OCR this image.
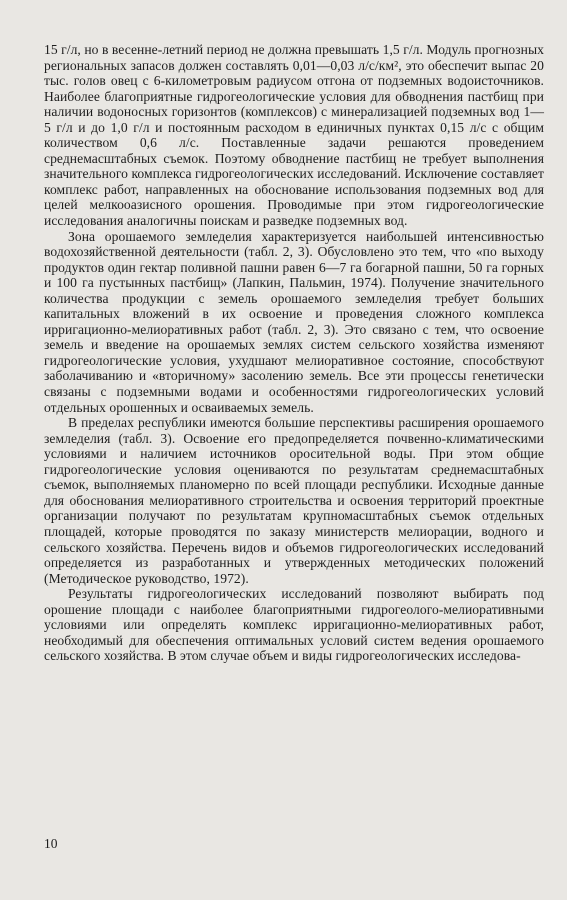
15 г/л, но в весенне-летний период не должна превышать 1,5 г/л. Модуль прогнозных региональных запасов должен составлять 0,01—0,03 л/с/км², это обеспечит выпас 20 тыс. голов овец с 6-километровым радиусом отгона от подземных водоисточников. Наиболее благоприятные гидрогеологические условия для обводнения пастбищ при наличии водоносных горизонтов (комплексов) с минерализацией подземных вод 1—5 г/л и до 1,0 г/л и постоянным расходом в единичных пунктах 0,15 л/с с общим количеством 0,6 л/с. Поставленные задачи решаются проведением среднемасштабных съемок. Поэтому обводнение пастбищ не требует выполнения значительного комплекса гидрогеологических исследований. Исключение составляет комплекс работ, направленных на обоснование использования подземных вод для целей мелкооазисного орошения. Проводимые при этом гидрогеологические исследования аналогичны поискам и разведке подземных вод.

Зона орошаемого земледелия характеризуется наибольшей интенсивностью водохозяйственной деятельности (табл. 2, 3). Обусловлено это тем, что «по выходу продуктов один гектар поливной пашни равен 6—7 га богарной пашни, 50 га горных и 100 га пустынных пастбищ» (Лапкин, Пальмин, 1974). Получение значительного количества продукции с земель орошаемого земледелия требует больших капитальных вложений в их освоение и проведения сложного комплекса ирригационно-мелиоративных работ (табл. 2, 3). Это связано с тем, что освоение земель и введение на орошаемых землях систем сельского хозяйства изменяют гидрогеологические условия, ухудшают мелиоративное состояние, способствуют заболачиванию и «вторичному» засолению земель. Все эти процессы генетически связаны с подземными водами и особенностями гидрогеологических условий отдельных орошенных и осваиваемых земель.

В пределах республики имеются большие перспективы расширения орошаемого земледелия (табл. 3). Освоение его предопределяется почвенно-климатическими условиями и наличием источников оросительной воды. При этом общие гидрогеологические условия оцениваются по результатам среднемасштабных съемок, выполняемых планомерно по всей площади республики. Исходные данные для обоснования мелиоративного строительства и освоения территорий проектные организации получают по результатам крупномасштабных съемок отдельных площадей, которые проводятся по заказу министерств мелиорации, водного и сельского хозяйства. Перечень видов и объемов гидрогеологических исследований определяется из разработанных и утвержденных методических положений (Методическое руководство, 1972).

Результаты гидрогеологических исследований позволяют выбирать под орошение площади с наиболее благоприятными гидрогеолого-мелиоративными условиями или определять комплекс ирригационно-мелиоративных работ, необходимый для обеспечения оптимальных условий систем ведения орошаемого сельского хозяйства. В этом случае объем и виды гидрогеологических исследова-

10
